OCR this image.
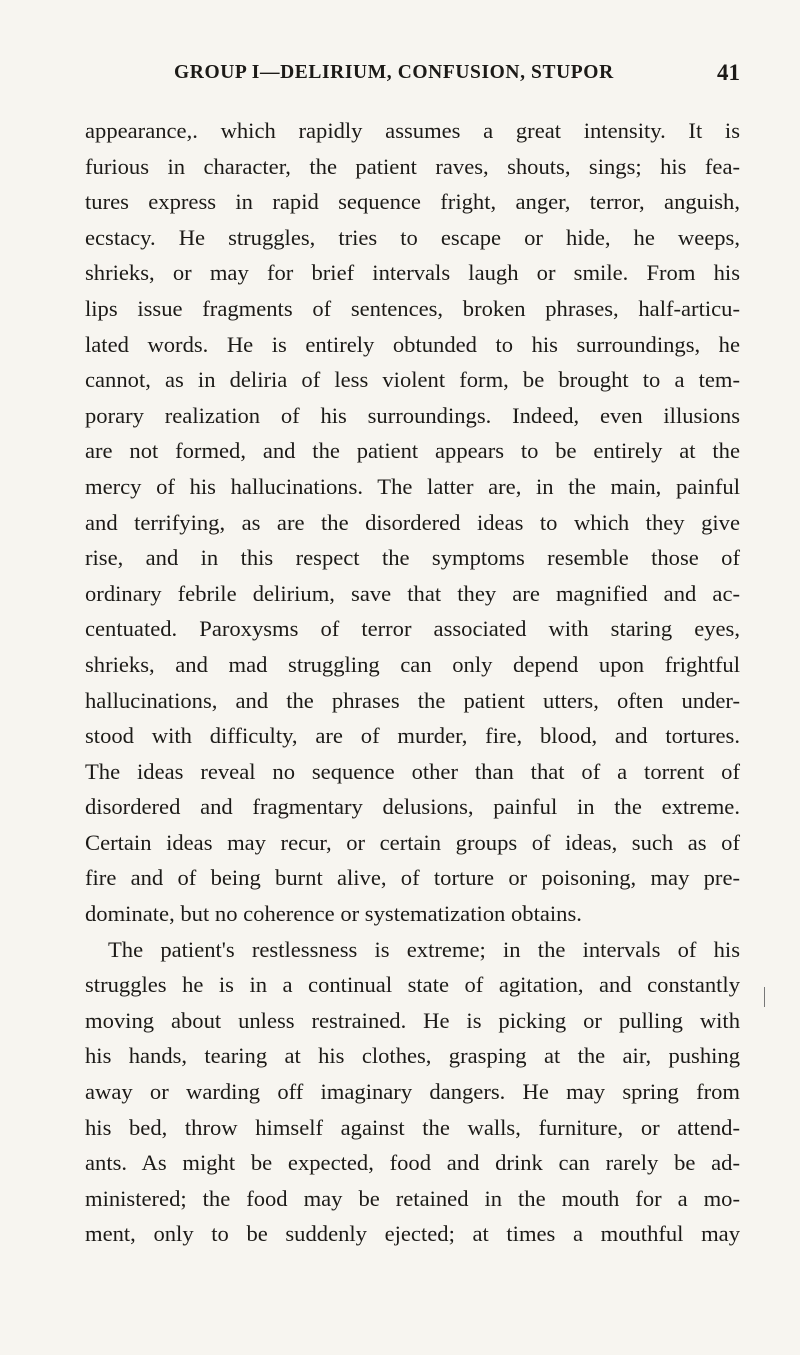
GROUP I—DELIRIUM, CONFUSION, STUPOR	41
appearance,. which rapidly assumes a great intensity. It is
furious in character, the patient raves, shouts, sings; his fea-
tures express in rapid sequence fright, anger, terror, anguish,
ecstacy. He struggles, tries to escape or hide, he weeps,
shrieks, or may for brief intervals laugh or smile. From his
lips issue fragments of sentences, broken phrases, half-articu-
lated words. He is entirely obtunded to his surroundings, he
cannot, as in deliria of less violent form, be brought to a tem-
porary realization of his surroundings. Indeed, even illusions
are not formed, and the patient appears to be entirely at the
mercy of his hallucinations. The latter are, in the main, painful
and terrifying, as are the disordered ideas to which they give
rise, and in this respect the symptoms resemble those of
ordinary febrile delirium, save that they are magnified and ac-
centuated. Paroxysms of terror associated with staring eyes,
shrieks, and mad struggling can only depend upon frightful
hallucinations, and the phrases the patient utters, often under-
stood with difficulty, are of murder, fire, blood, and tortures.
The ideas reveal no sequence other than that of a torrent of
disordered and fragmentary delusions, painful in the extreme.
Certain ideas may recur, or certain groups of ideas, such as of
fire and of being burnt alive, of torture or poisoning, may pre-
dominate, but no coherence or systematization obtains.
The patient's restlessness is extreme; in the intervals of his
struggles he is in a continual state of agitation, and constantly
moving about unless restrained. He is picking or pulling with
his hands, tearing at his clothes, grasping at the air, pushing
away or warding off imaginary dangers. He may spring from
his bed, throw himself against the walls, furniture, or attend-
ants. As might be expected, food and drink can rarely be ad-
ministered; the food may be retained in the mouth for a mo-
ment, only to be suddenly ejected; at times a mouthful may
